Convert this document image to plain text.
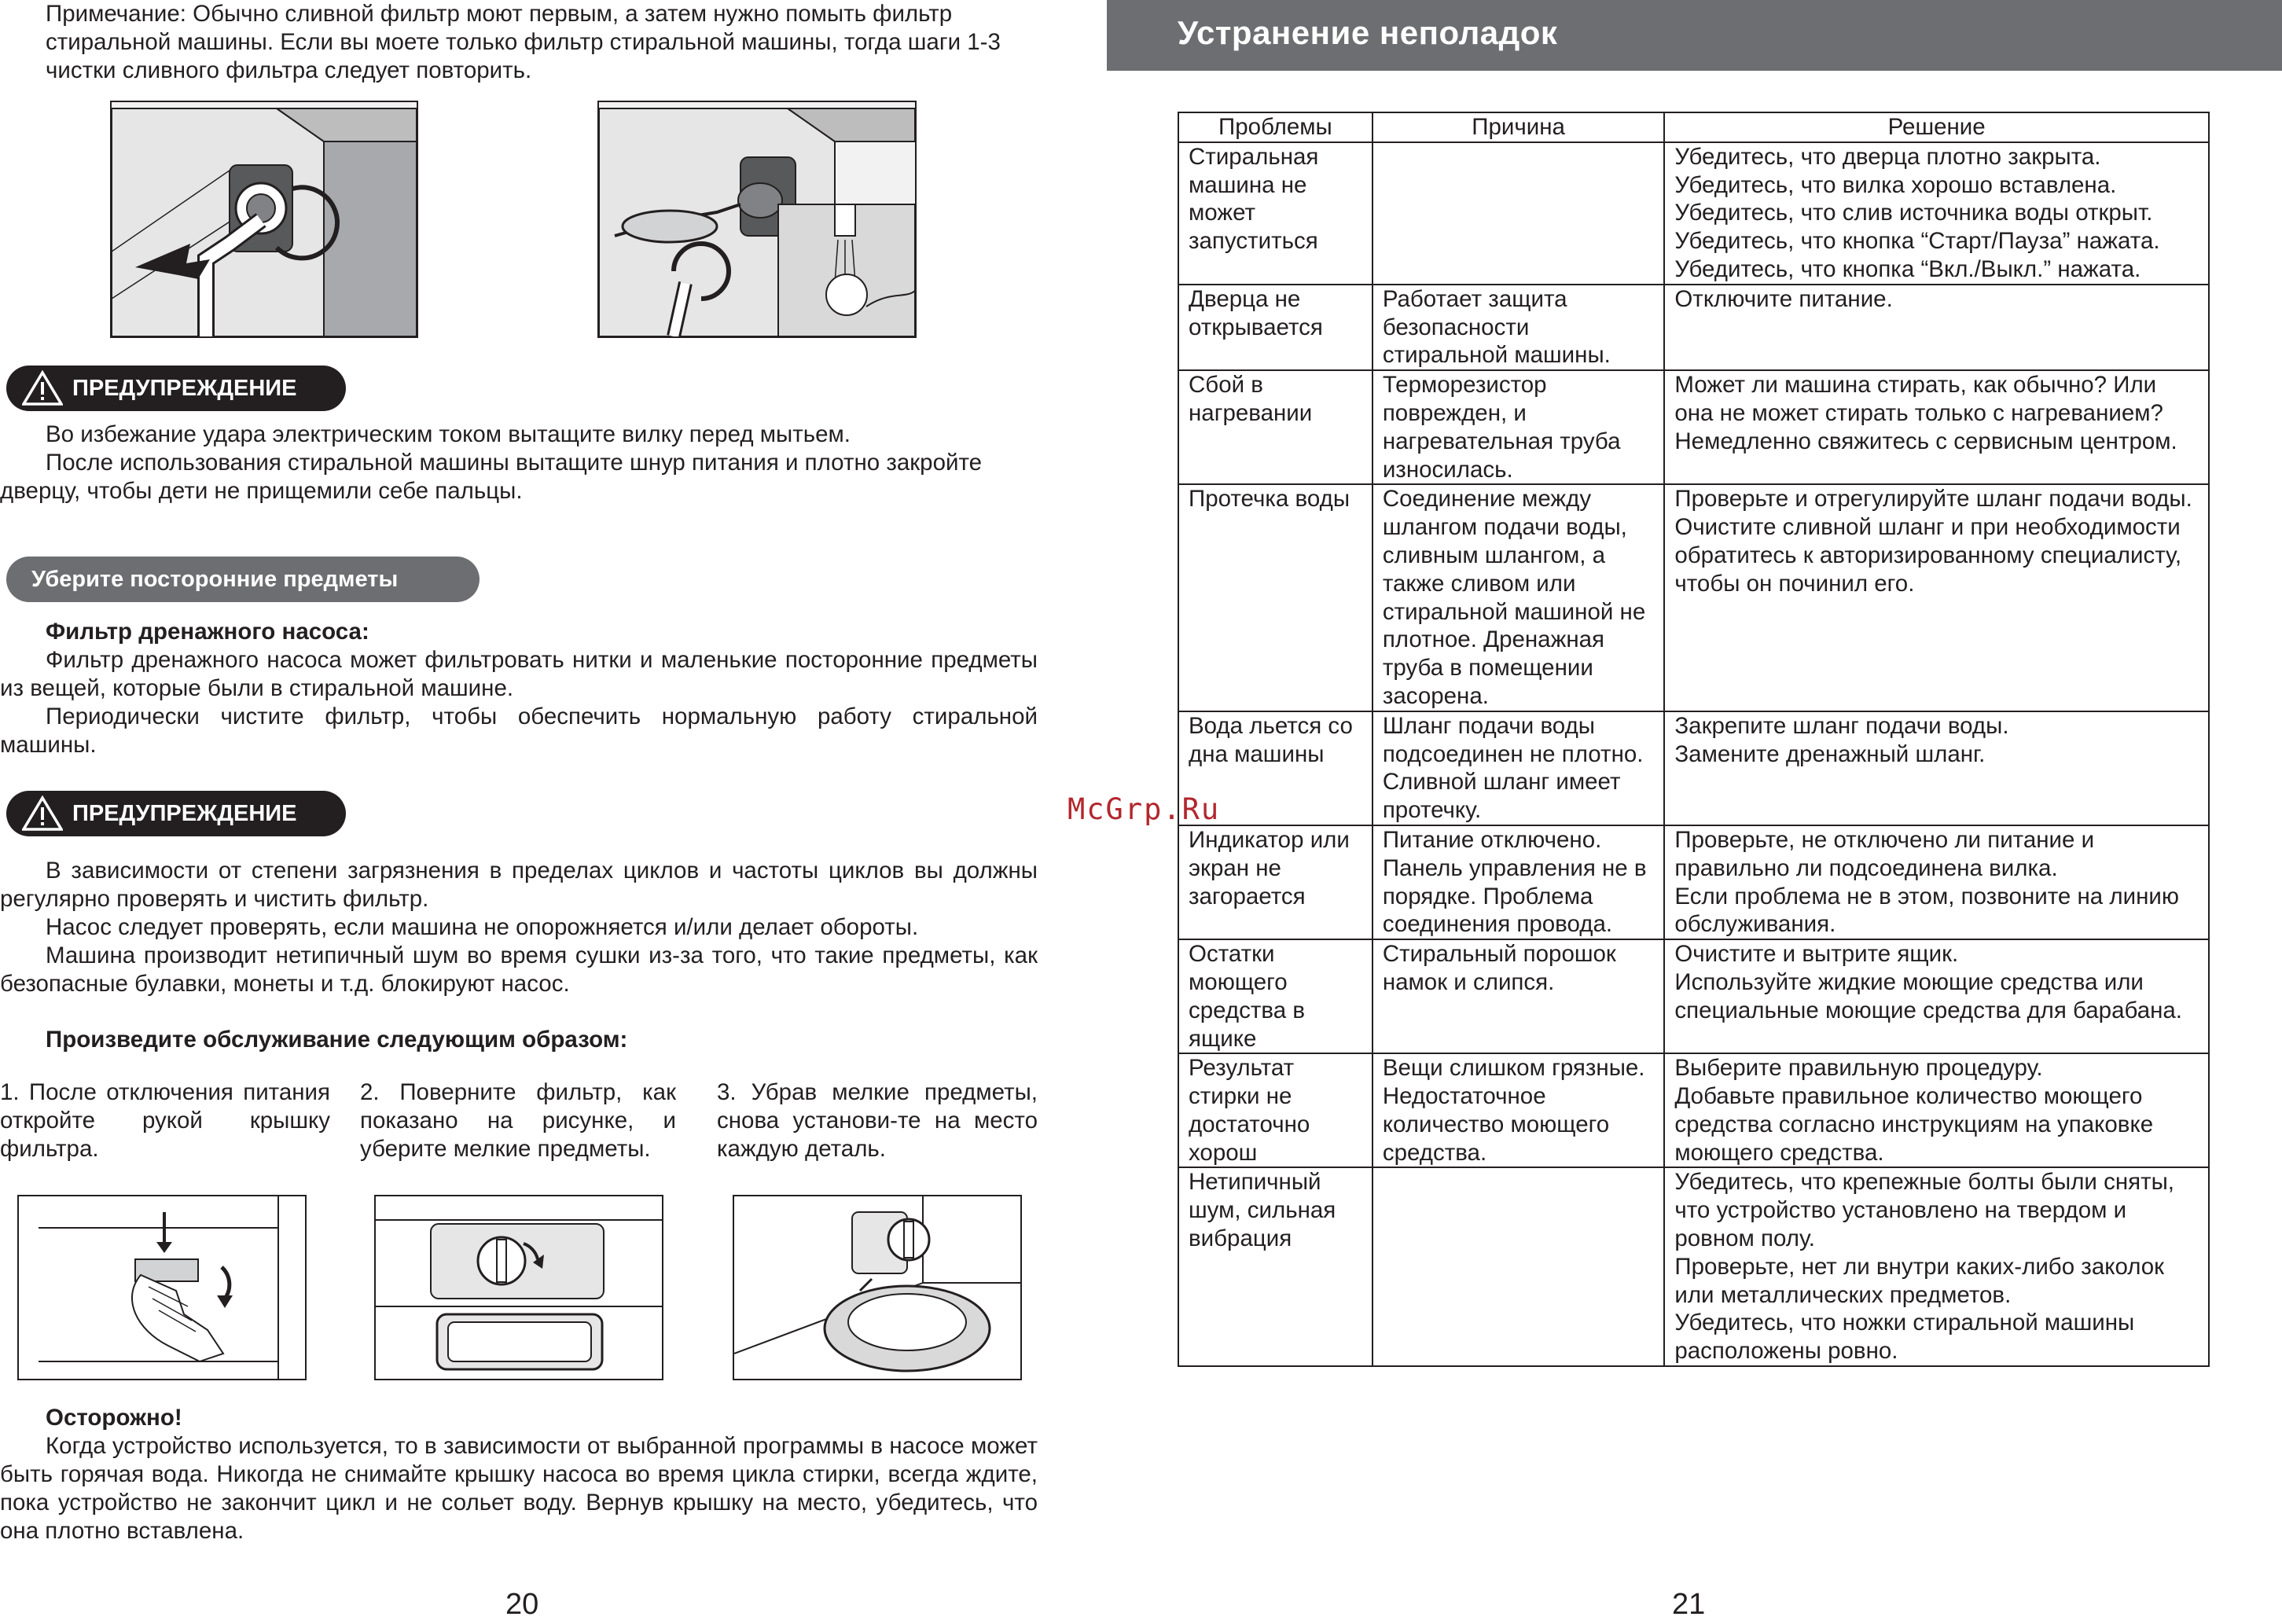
Примечание: Обычно сливной фильтр моют первым, а затем нужно помыть фильтр

стиральной машины. Если вы моете только фильтр стиральной машины, тогда шаги 1-3

чистки сливного фильтра следует повторить.

ПРЕДУПРЕЖДЕНИЕ

Во избежание удара электрическим током вытащите вилку перед мытьем.

После использования стиральной машины вытащите шнур питания и плотно закройте дверцу, чтобы дети не прищемили себе пальцы.

Уберите посторонние предметы

Фильтр дренажного насоса:

Фильтр дренажного насоса может фильтровать нитки и маленькие посторонние предметы из вещей, которые были в стиральной машине.

Периодически чистите фильтр, чтобы обеспечить нормальную работу стиральной машины.

ПРЕДУПРЕЖДЕНИЕ

В зависимости от степени загрязнения в пределах циклов и частоты циклов вы должны регулярно проверять и чистить фильтр.

Насос следует проверять, если машина не опорожняется и/или делает обороты.

Машина производит нетипичный шум во время сушки из-за того, что такие предметы, как безопасные булавки, монеты и т.д. блокируют насос.

Произведите обслуживание следующим образом:
1. После отключения питания откройте рукой крышку фильтра.
2. Поверните фильтр, как показано на рисунке, и уберите мелкие предметы.
3. Убрав мелкие предметы, снова установи-те на место каждую деталь.

Осторожно!

Когда устройство используется, то в зависимости от выбранной программы в насосе может быть горячая вода. Никогда не снимайте крышку насоса во время цикла стирки, всегда ждите, пока устройство не закончит цикл и не сольет воду. Вернув крышку на место, убедитесь, что она плотно вставлена.

20
Устранение неполадок
Проблемы	Причина	Решение
Стиральная машина не может запуститься		Убедитесь, что дверца плотно закрыта.
Убедитесь, что вилка хорошо вставлена.
Убедитесь, что слив источника воды открыт.
Убедитесь, что кнопка “Старт/Пауза” нажата.
Убедитесь, что кнопка “Вкл./Выкл.” нажата.

Дверца не открывается	Работает защита безопасности стиральной машины.	Отключите питание.

Сбой в нагревании	Терморезистор поврежден, и нагревательная труба износилась.	Может ли машина стирать, как обычно? Или она не может стирать только с нагреванием?
Немедленно свяжитесь с сервисным центром.

Протечка воды	Соединение между шлангом подачи воды, сливным шлангом, а также сливом или стиральной машиной не плотное. Дренажная труба в помещении засорена.	Проверьте и отрегулируйте шланг подачи воды.
Очистите сливной шланг и при необходимости обратитесь к авторизированному специалисту, чтобы он починил его.

Вода льется со дна машины	Шланг подачи воды подсоединен не плотно. Сливной шланг имеет протечку.	Закрепите шланг подачи воды.
Замените дренажный шланг.

Индикатор или экран не загорается	Питание отключено. Панель управления не в порядке. Проблема соединения провода.	Проверьте, не отключено ли питание и правильно ли подсоединена вилка.
Если проблема не в этом, позвоните на линию обслуживания.

Остатки моющего средства в ящике	Стиральный порошок намок и слипся.	Очистите и вытрите ящик.
Используйте жидкие моющие средства или специальные моющие средства для барабана.

Результат стирки не достаточно хорош	Вещи слишком грязные. Недостаточное количество моющего средства.	Выберите правильную процедуру.
Добавьте правильное количество моющего средства согласно инструкциям на упаковке моющего средства.

Нетипичный шум, сильная вибрация		Убедитесь, что крепежные болты были сняты, что устройство установлено на твердом и ровном полу.
Проверьте, нет ли внутри каких-либо заколок или металлических предметов.
Убедитесь, что ножки стиральной машины расположены ровно.
21
McGrp.Ru
